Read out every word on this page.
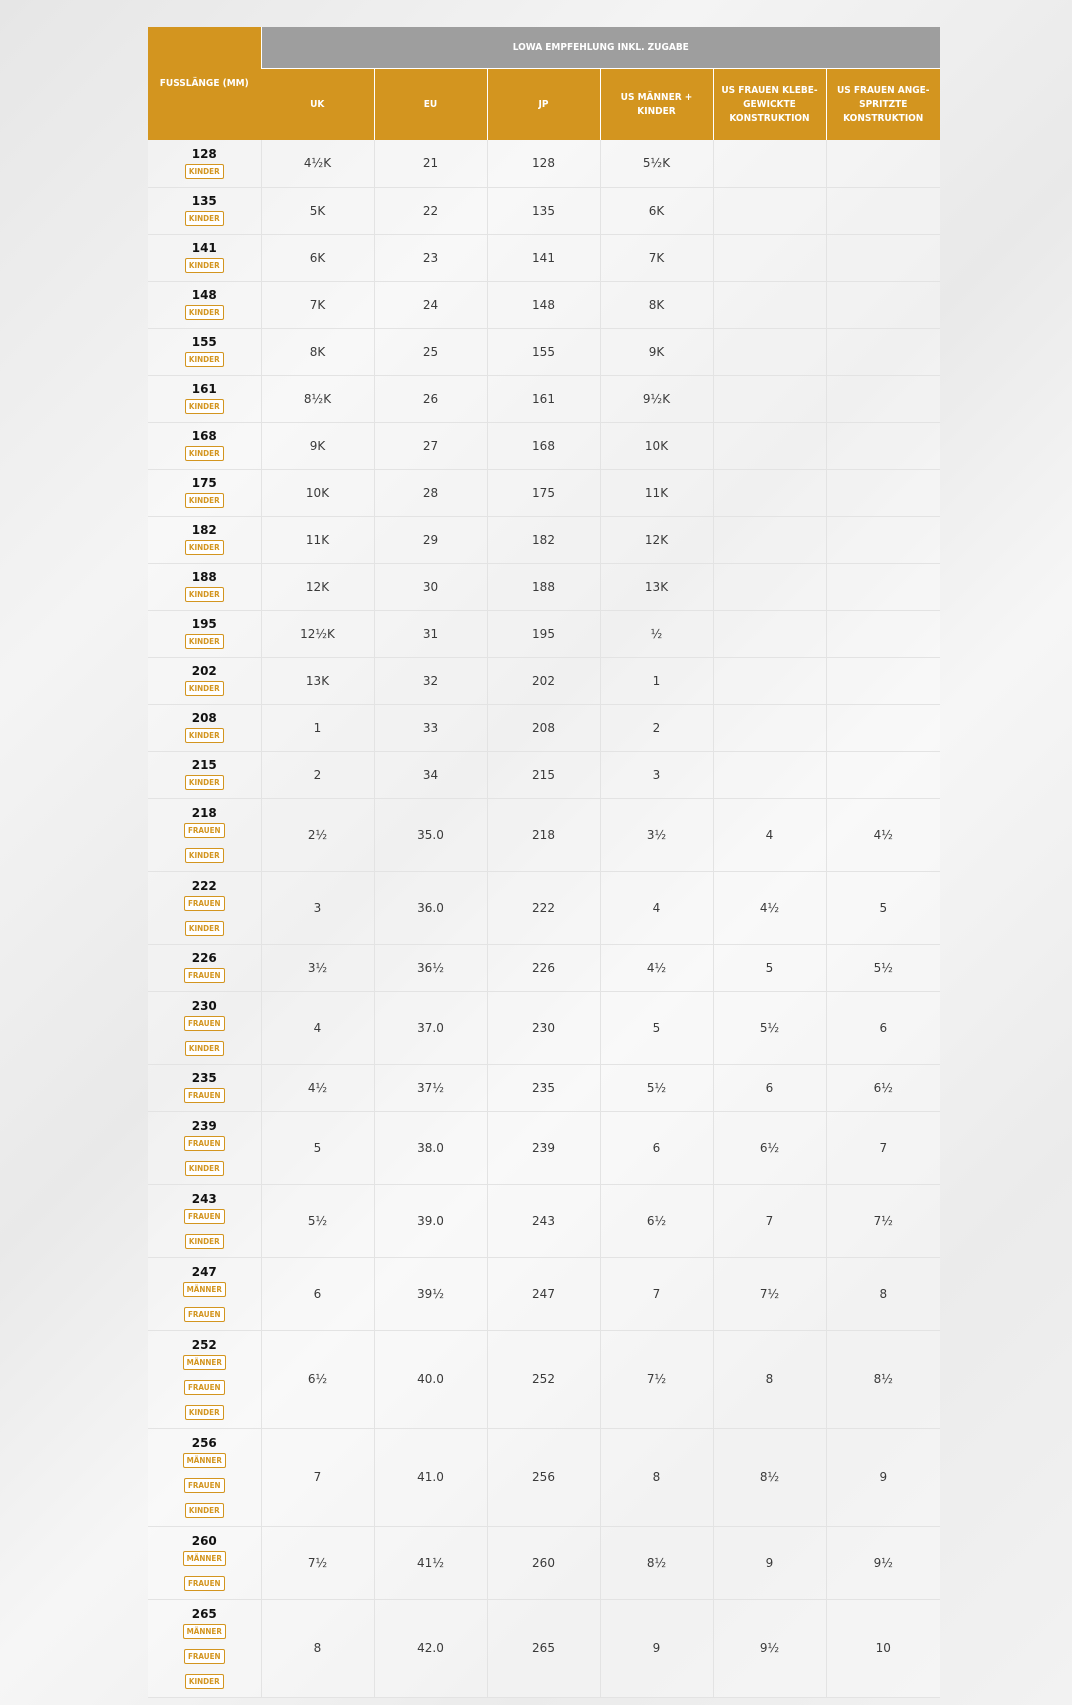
FUSSLÄNGE (MM)	LOWA EMPFEHLUNG INKL. ZUGABE					
	UK	EU	JP	US MÄNNER + KINDER	US FRAUEN KLEBE-GEWICKTE KONSTRUKTION	US FRAUEN ANGE-SPRITZTE KONSTRUKTION

128
KINDER	4½K	21	128	5½K		

135
KINDER	5K	22	135	6K		

141
KINDER	6K	23	141	7K		

148
KINDER	7K	24	148	8K		

155
KINDER	8K	25	155	9K		

161
KINDER	8½K	26	161	9½K		

168
KINDER	9K	27	168	10K		

175
KINDER	10K	28	175	11K		

182
KINDER	11K	29	182	12K		

188
KINDER	12K	30	188	13K		

195
KINDER	12½K	31	195	½		

202
KINDER	13K	32	202	1		

208
KINDER	1	33	208	2		

215
KINDER	2	34	215	3		

218
FRAUEN
KINDER	2½	35.0	218	3½	4	4½

222
FRAUEN
KINDER	3	36.0	222	4	4½	5

226
FRAUEN	3½	36½	226	4½	5	5½

230
FRAUEN
KINDER	4	37.0	230	5	5½	6

235
FRAUEN	4½	37½	235	5½	6	6½

239
FRAUEN
KINDER	5	38.0	239	6	6½	7

243
FRAUEN
KINDER	5½	39.0	243	6½	7	7½

247
MÄNNER
FRAUEN	6	39½	247	7	7½	8

252
MÄNNER
FRAUEN
KINDER	6½	40.0	252	7½	8	8½

256
MÄNNER
FRAUEN
KINDER	7	41.0	256	8	8½	9

260
MÄNNER
FRAUEN	7½	41½	260	8½	9	9½

265
MÄNNER
FRAUEN
KINDER	8	42.0	265	9	9½	10
